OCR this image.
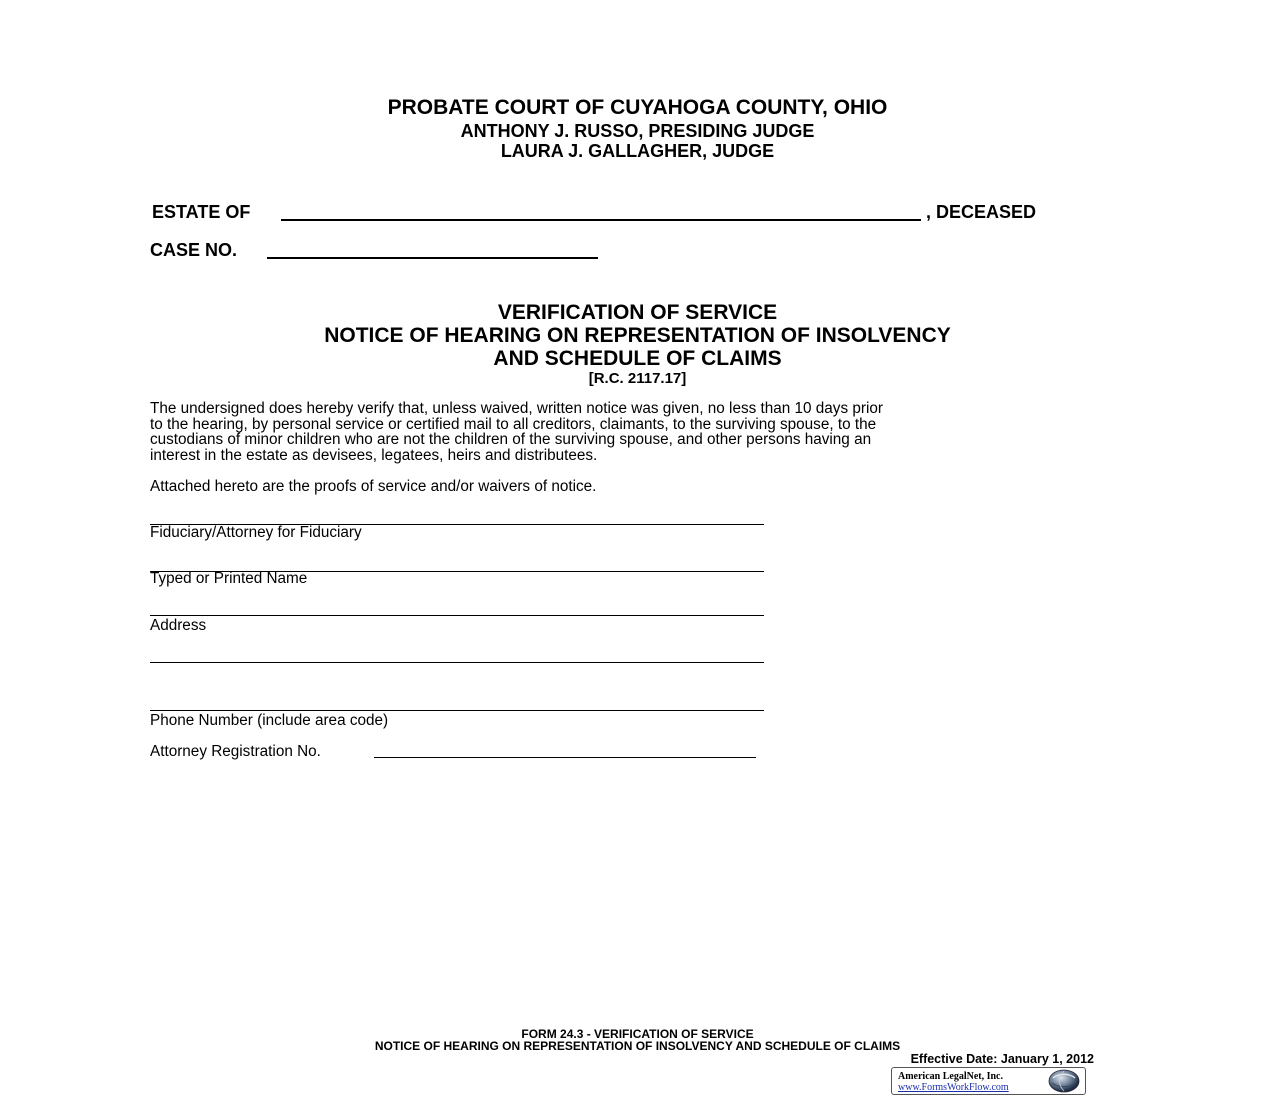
PROBATE COURT OF CUYAHOGA COUNTY, OHIO
ANTHONY J. RUSSO, PRESIDING JUDGE
LAURA J. GALLAGHER, JUDGE
ESTATE OF	, DECEASED
CASE NO.
VERIFICATION OF SERVICE
NOTICE OF HEARING ON REPRESENTATION OF INSOLVENCY
AND SCHEDULE OF CLAIMS
[R.C. 2117.17]

The undersigned does hereby verify that, unless waived, written notice was given, no less than 10 days prior

to the hearing, by personal service or certified mail to all creditors, claimants, to the surviving spouse, to the

custodians of minor children who are not the children of the surviving spouse, and other persons having an

interest in the estate as devisees, legatees, heirs and distributees.

Attached hereto are the proofs of service and/or waivers of notice.
Fiduciary/Attorney for Fiduciary
Typed or Printed Name
Address
Phone Number (include area code)
Attorney Registration No.
FORM 24.3 - VERIFICATION OF SERVICE
NOTICE OF HEARING ON REPRESENTATION OF INSOLVENCY AND SCHEDULE OF CLAIMS
Effective Date: January 1, 2012
American LegalNet, Inc.
www.FormsWorkFlow.com
